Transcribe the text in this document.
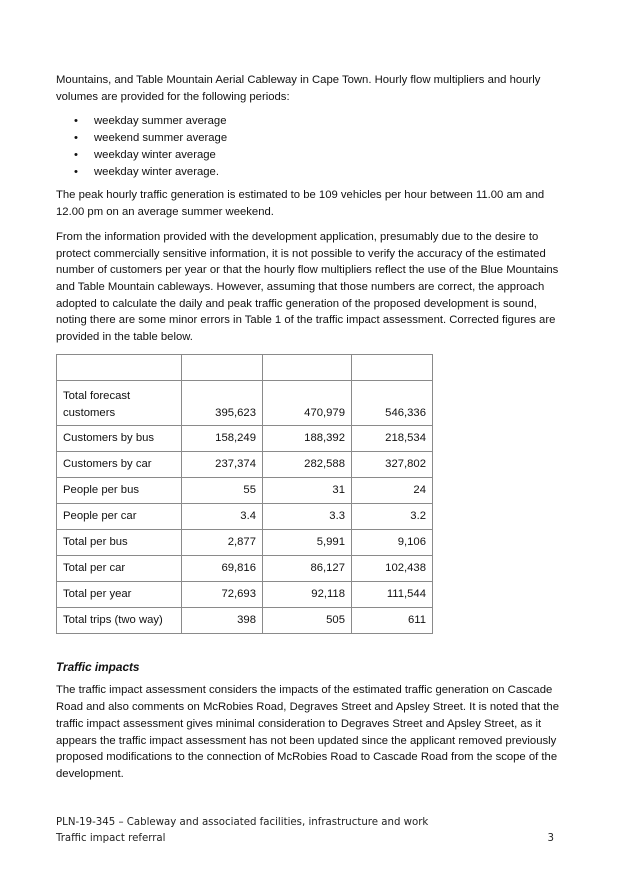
Mountains, and Table Mountain Aerial Cableway in Cape Town. Hourly flow multipliers and hourly volumes are provided for the following periods:

• weekday summer average
• weekend summer average
• weekday winter average
• weekday winter average.

The peak hourly traffic generation is estimated to be 109 vehicles per hour between 11.00 am and 12.00 pm on an average summer weekend.

From the information provided with the development application, presumably due to the desire to protect commercially sensitive information, it is not possible to verify the accuracy of the estimated number of customers per year or that the hourly flow multipliers reflect the use of the Blue Mountains and Table Mountain cableways. However, assuming that those numbers are correct, the approach adopted to calculate the daily and peak traffic generation of the proposed development is sound, noting there are some minor errors in Table 1 of the traffic impact assessment. Corrected figures are provided in the table below.

Total forecast customers	395,623	470,979	546,336
Customers by bus	158,249	188,392	218,534
Customers by car	237,374	282,588	327,802
People per bus	55	31	24
People per car	3.4	3.3	3.2
Total per bus	2,877	5,991	9,106
Total per car	69,816	86,127	102,438
Total per year	72,693	92,118	111,544
Total trips (two way)	398	505	611
Traffic impacts

The traffic impact assessment considers the impacts of the estimated traffic generation on Cascade Road and also comments on McRobies Road, Degraves Street and Apsley Street. It is noted that the traffic impact assessment gives minimal consideration to Degraves Street and Apsley Street, as it appears the traffic impact assessment has not been updated since the applicant removed previously proposed modifications to the connection of McRobies Road to Cascade Road from the scope of the development.

PLN-19-345 – Cableway and associated facilities, infrastructure and work
Traffic impact referral	3
